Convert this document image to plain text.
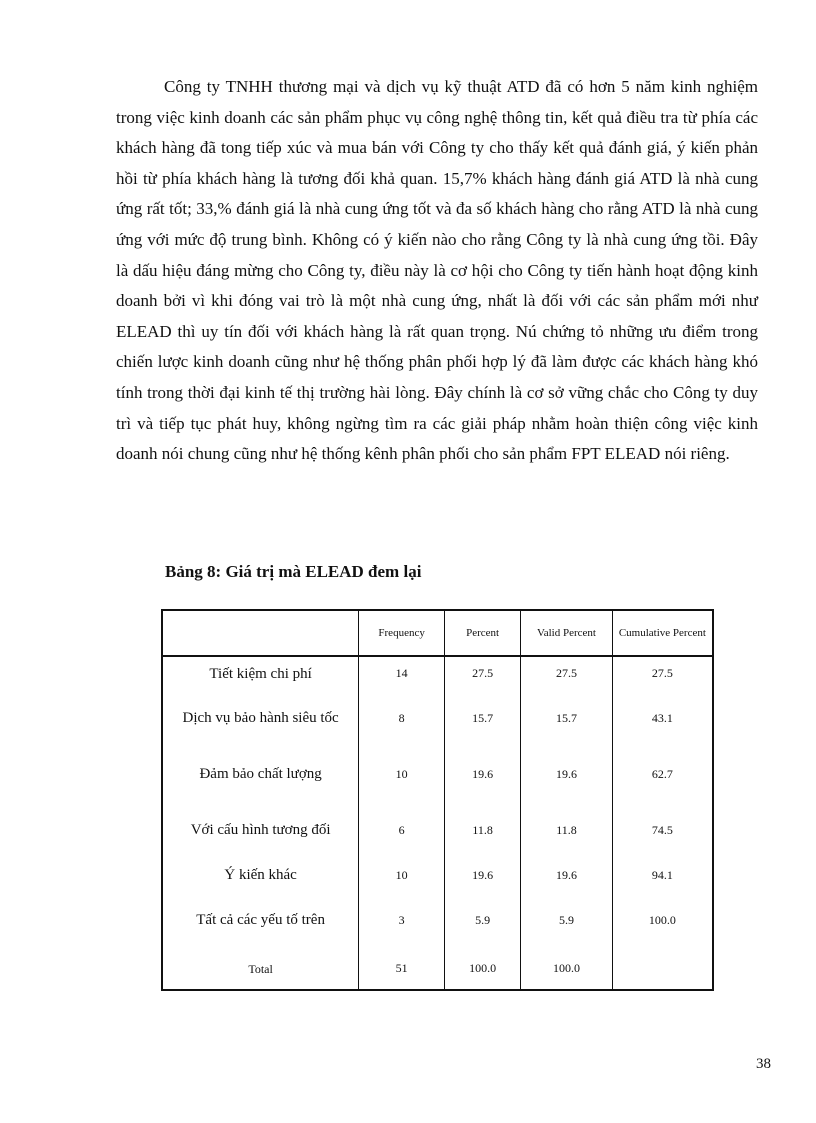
Công ty TNHH thương mại và dịch vụ kỹ thuật ATD đã có hơn 5 năm kinh nghiệm trong việc kinh doanh các sản phẩm phục vụ công nghệ thông tin, kết quả điều tra từ phía các khách hàng đã tong tiếp xúc và mua bán với Công ty cho thấy kết quả đánh giá, ý kiến phản hồi từ phía khách hàng là tương đối khả quan. 15,7% khách hàng đánh giá ATD là nhà cung ứng rất tốt; 33,% đánh giá là nhà cung ứng tốt và đa số khách hàng cho rằng ATD là nhà cung ứng với mức độ trung bình. Không có ý kiến nào cho rằng Công ty là nhà cung ứng tồi. Đây là dấu hiệu đáng mừng cho Công ty, điều này là cơ hội cho Công ty tiến hành hoạt động kinh doanh bởi vì khi đóng vai trò là một nhà cung ứng, nhất là đối với các sản phẩm mới như ELEAD thì uy tín đối với khách hàng là rất quan trọng. Nú chứng tỏ những ưu điểm trong chiến lược kinh doanh cũng như hệ thống phân phối hợp lý đã làm được các khách hàng khó tính trong thời đại kinh tế thị trường hài lòng. Đây chính là cơ sở vững chắc cho Công ty duy trì và tiếp tục phát huy, không ngừng tìm ra các giải pháp nhằm hoàn thiện công việc kinh doanh nói chung cũng như hệ thống kênh phân phối cho sản phẩm FPT ELEAD nói riêng.

Bảng 8: Giá trị mà ELEAD đem lại
	Frequency	Percent	Valid Percent	Cumulative Percent
Tiết kiệm chi phí	14	27.5	27.5	27.5
Dịch vụ bảo hành siêu tốc	8	15.7	15.7	43.1
Đảm bảo chất lượng	10	19.6	19.6	62.7
Với cấu hình tương đối	6	11.8	11.8	74.5
Ý kiến khác	10	19.6	19.6	94.1
Tất cả các yếu tố trên	3	5.9	5.9	100.0
Total	51	100.0	100.0	
38
